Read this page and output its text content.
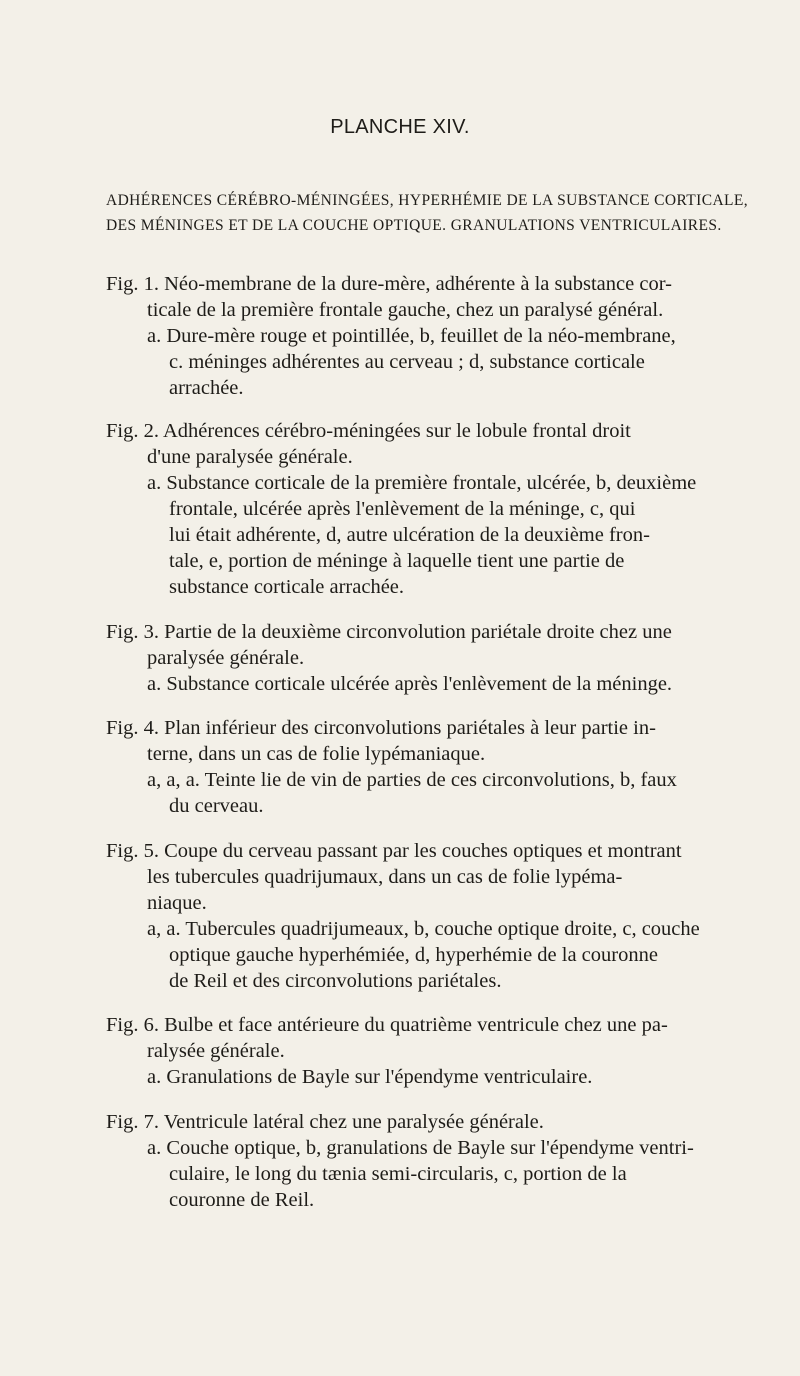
PLANCHE XIV.
ADHÉRENCES CÉRÉBRO-MÉNINGÉES, HYPERHÉMIE DE LA SUBSTANCE CORTICALE,
DES MÉNINGES ET DE LA COUCHE OPTIQUE. GRANULATIONS VENTRICULAIRES.
Fig. 1. Néo-membrane de la dure-mère, adhérente à la substance cor-
ticale de la première frontale gauche, chez un paralysé général.
a. Dure-mère rouge et pointillée, b, feuillet de la néo-membrane,
c. méninges adhérentes au cerveau ; d, substance corticale
arrachée.
Fig. 2. Adhérences cérébro-méningées sur le lobule frontal droit
d'une paralysée générale.
a. Substance corticale de la première frontale, ulcérée, b, deuxième
frontale, ulcérée après l'enlèvement de la méninge, c, qui
lui était adhérente, d, autre ulcération de la deuxième fron-
tale, e, portion de méninge à laquelle tient une partie de
substance corticale arrachée.
Fig. 3. Partie de la deuxième circonvolution pariétale droite chez une
paralysée générale.
a. Substance corticale ulcérée après l'enlèvement de la méninge.
Fig. 4. Plan inférieur des circonvolutions pariétales à leur partie in-
terne, dans un cas de folie lypémaniaque.
a, a, a. Teinte lie de vin de parties de ces circonvolutions, b, faux
du cerveau.
Fig. 5. Coupe du cerveau passant par les couches optiques et montrant
les tubercules quadrijumaux, dans un cas de folie lypéma-
niaque.
a, a. Tubercules quadrijumeaux, b, couche optique droite, c, couche
optique gauche hyperhémiée, d, hyperhémie de la couronne
de Reil et des circonvolutions pariétales.
Fig. 6. Bulbe et face antérieure du quatrième ventricule chez une pa-
ralysée générale.
a. Granulations de Bayle sur l'épendyme ventriculaire.
Fig. 7. Ventricule latéral chez une paralysée générale.
a. Couche optique, b, granulations de Bayle sur l'épendyme ventri-
culaire, le long du tænia semi-circularis, c, portion de la
couronne de Reil.
